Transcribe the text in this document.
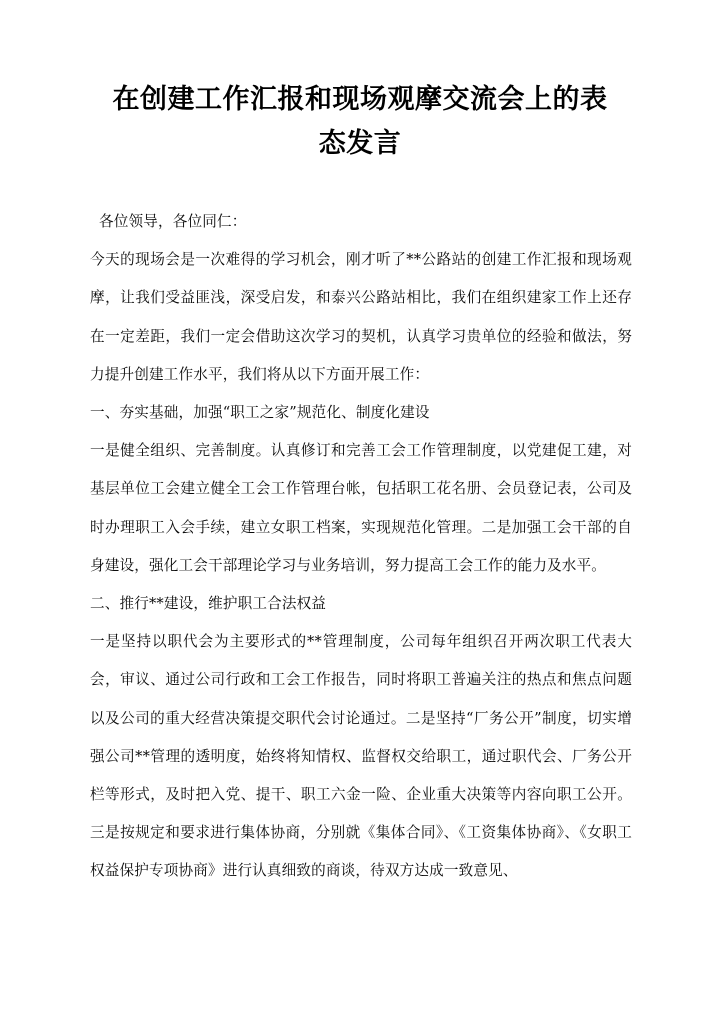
在创建工作汇报和现场观摩交流会上的表态发言

各位领导，各位同仁：

今天的现场会是一次难得的学习机会，刚才听了**公路站的创建工作汇报和现场观摩，让我们受益匪浅，深受启发，和泰兴公路站相比，我们在组织建家工作上还存在一定差距，我们一定会借助这次学习的契机，认真学习贵单位的经验和做法，努力提升创建工作水平，我们将从以下方面开展工作：

一、夯实基础，加强“职工之家”规范化、制度化建设

一是健全组织、完善制度。认真修订和完善工会工作管理制度，以党建促工建，对基层单位工会建立健全工会工作管理台帐，包括职工花名册、会员登记表，公司及时办理职工入会手续，建立女职工档案，实现规范化管理。二是加强工会干部的自身建设，强化工会干部理论学习与业务培训，努力提高工会工作的能力及水平。

二、推行**建设，维护职工合法权益

一是坚持以职代会为主要形式的**管理制度，公司每年组织召开两次职工代表大会，审议、通过公司行政和工会工作报告，同时将职工普遍关注的热点和焦点问题以及公司的重大经营决策提交职代会讨论通过。二是坚持“厂务公开”制度，切实增强公司**管理的透明度，始终将知情权、监督权交给职工，通过职代会、厂务公开栏等形式，及时把入党、提干、职工六金一险、企业重大决策等内容向职工公开。三是按规定和要求进行集体协商，分别就《集体合同》、《工资集体协商》、《女职工权益保护专项协商》进行认真细致的商谈，待双方达成一致意见、
